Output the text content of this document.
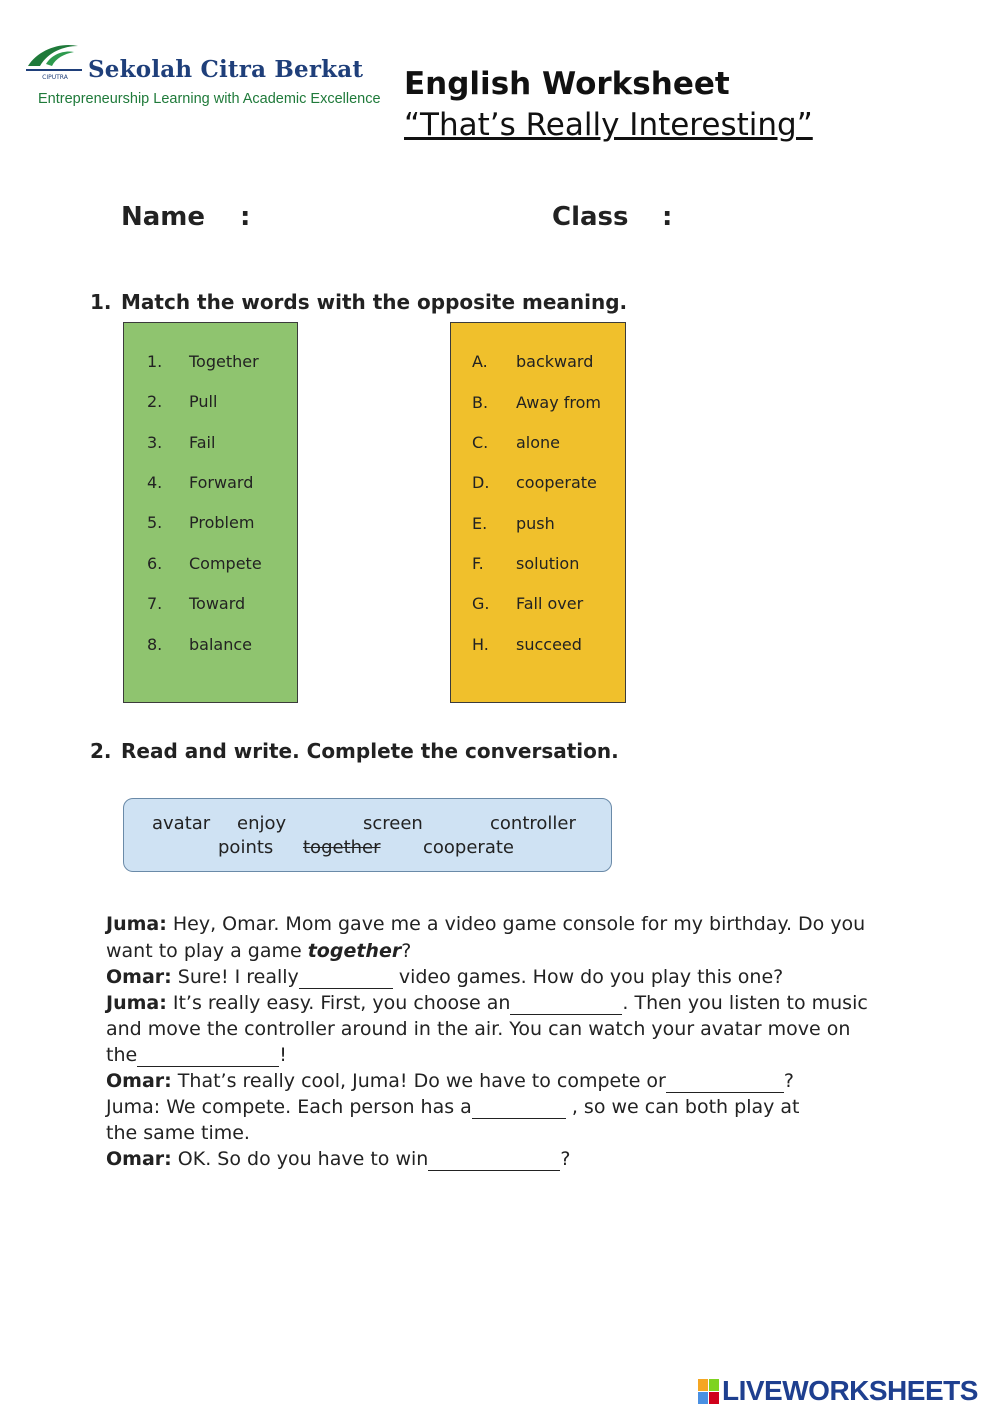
CIPUTRA Sekolah Citra Berkat
Entrepreneurship Learning with Academic Excellence English Worksheet
“That’s Really Interesting”
Name :	Class :
1. Match the words with the opposite meaning.
1. Together
2. Pull
3. Fail
4. Forward
5. Problem
6. Compete
7. Toward
8. balance
A. backward
B. Away from
C. alone
D. cooperate
E. push
F. solution
G. Fall over
H. succeed
2. Read and write. Complete the conversation.
avatar enjoy	screen	controller
points together cooperate
Juma: Hey, Omar. Mom gave me a video game console for my birthday. Do you
want to play a game together?
Omar: Sure! I really	video games. How do you play this one?
Juma: It’s really easy. First, you choose an	. Then you listen to music
and move the controller around in the air. You can watch your avatar move on
the	!
Omar: That’s really cool, Juma! Do we have to compete or	?
Juma: We compete. Each person has a	, so we can both play at
the same time.
Omar: OK. So do you have to win	?
LIVEWORKSHEETS
